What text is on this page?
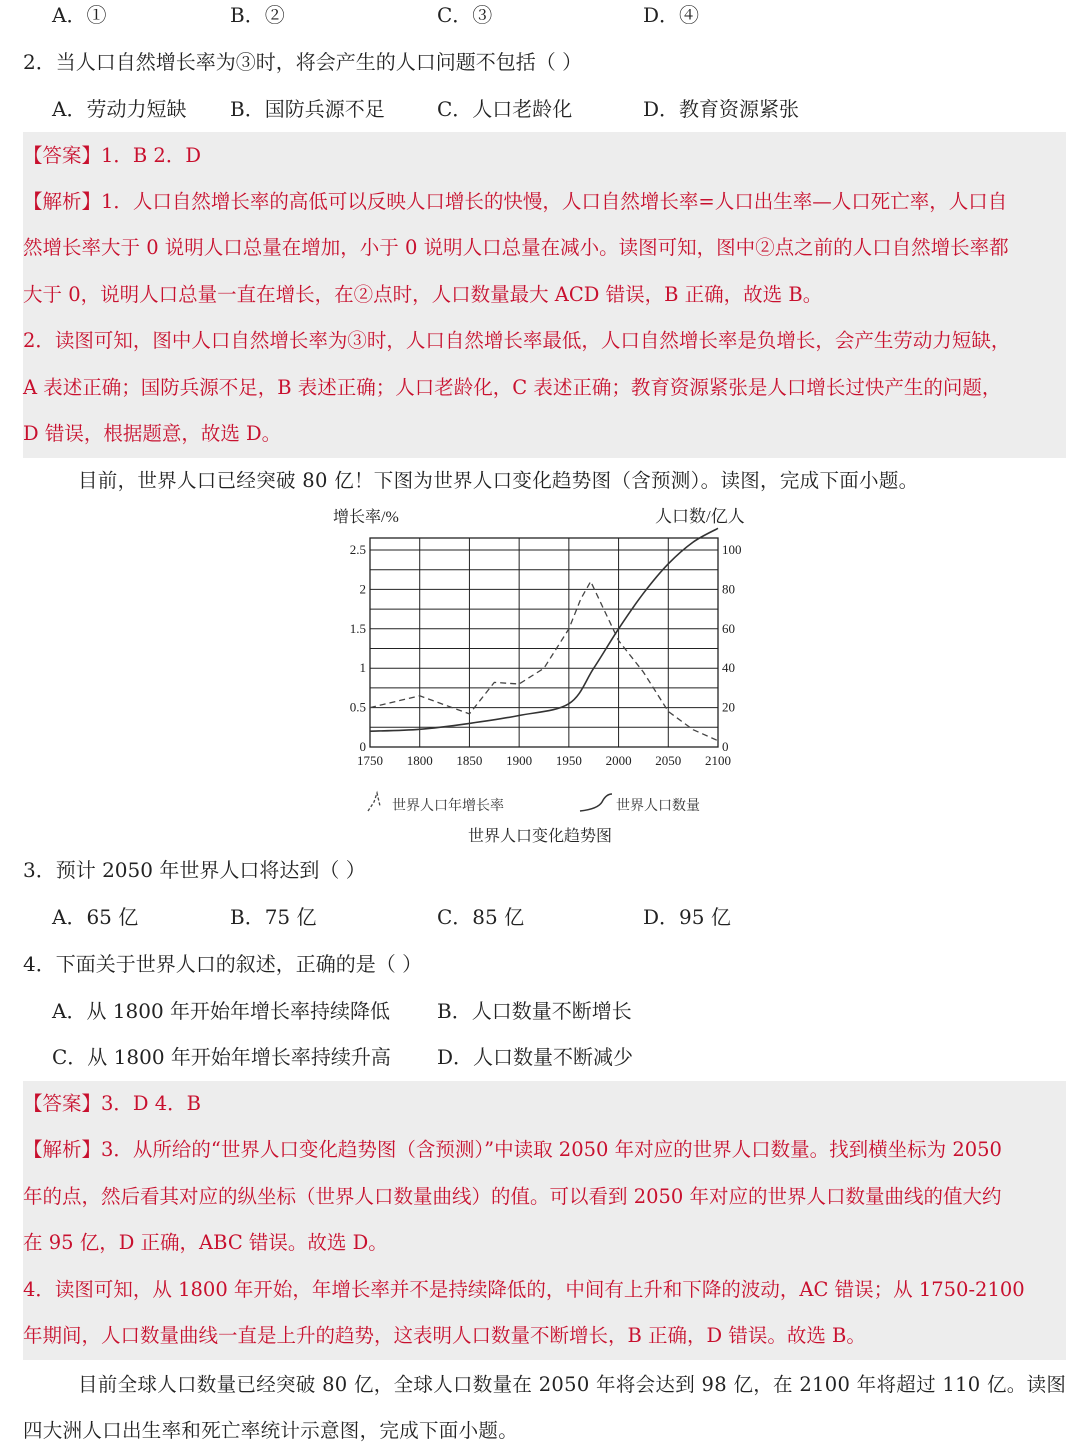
A．①	B．②	C．③	D．④
2．当人口自然增长率为③时，将会产生的人口问题不包括（ ）
A．劳动力短缺 B．国防兵源不足	C．人口老龄化	D．教育资源紧张
【答案】1．B 2．D
【解析】1．人口自然增长率的高低可以反映人口增长的快慢，人口自然增长率=人口出生率—人口死亡率，人口自
然增长率大于 0 说明人口总量在增加，小于 0 说明人口总量在减小。读图可知，图中②点之前的人口自然增长率都
大于 0，说明人口总量一直在增长，在②点时，人口数量最大 ACD 错误，B 正确，故选 B。
2．读图可知，图中人口自然增长率为③时，人口自然增长率最低，人口自然增长率是负增长，会产生劳动力短缺，
A 表述正确；国防兵源不足，B 表述正确；人口老龄化，C 表述正确；教育资源紧张是人口增长过快产生的问题，
D 错误，根据题意，故选 D。
目前，世界人口已经突破 80 亿！下图为世界人口变化趋势图（含预测）。读图，完成下面小题。
1750 1800 1850 1900 1950 2000 2050 2100
0
0.5
1
1.5
2
2.5
0
20
40
60
80
100
增长率/%	人口数/亿人
世界人口年增长率	世界人口数量
世界人口变化趋势图
3．预计 2050 年世界人口将达到（ ）
A．65 亿	B．75 亿	C．85 亿	D．95 亿
4．下面关于世界人口的叙述，正确的是（ ）
A．从 1800 年开始年增长率持续降低 B．人口数量不断增长
C．从 1800 年开始年增长率持续升高 D．人口数量不断减少
【答案】3．D 4．B
【解析】3．从所给的“世界人口变化趋势图（含预测）”中读取 2050 年对应的世界人口数量。找到横坐标为 2050
年的点，然后看其对应的纵坐标（世界人口数量曲线）的值。可以看到 2050 年对应的世界人口数量曲线的值大约
在 95 亿，D 正确，ABC 错误。故选 D。
4．读图可知，从 1800 年开始，年增长率并不是持续降低的，中间有上升和下降的波动，AC 错误；从 1750-2100
年期间，人口数量曲线一直是上升的趋势，这表明人口数量不断增长，B 正确，D 错误。故选 B。
目前全球人口数量已经突破 80 亿，全球人口数量在 2050 年将会达到 98 亿，在 2100 年将超过 110 亿。读图
四大洲人口出生率和死亡率统计示意图，完成下面小题。
